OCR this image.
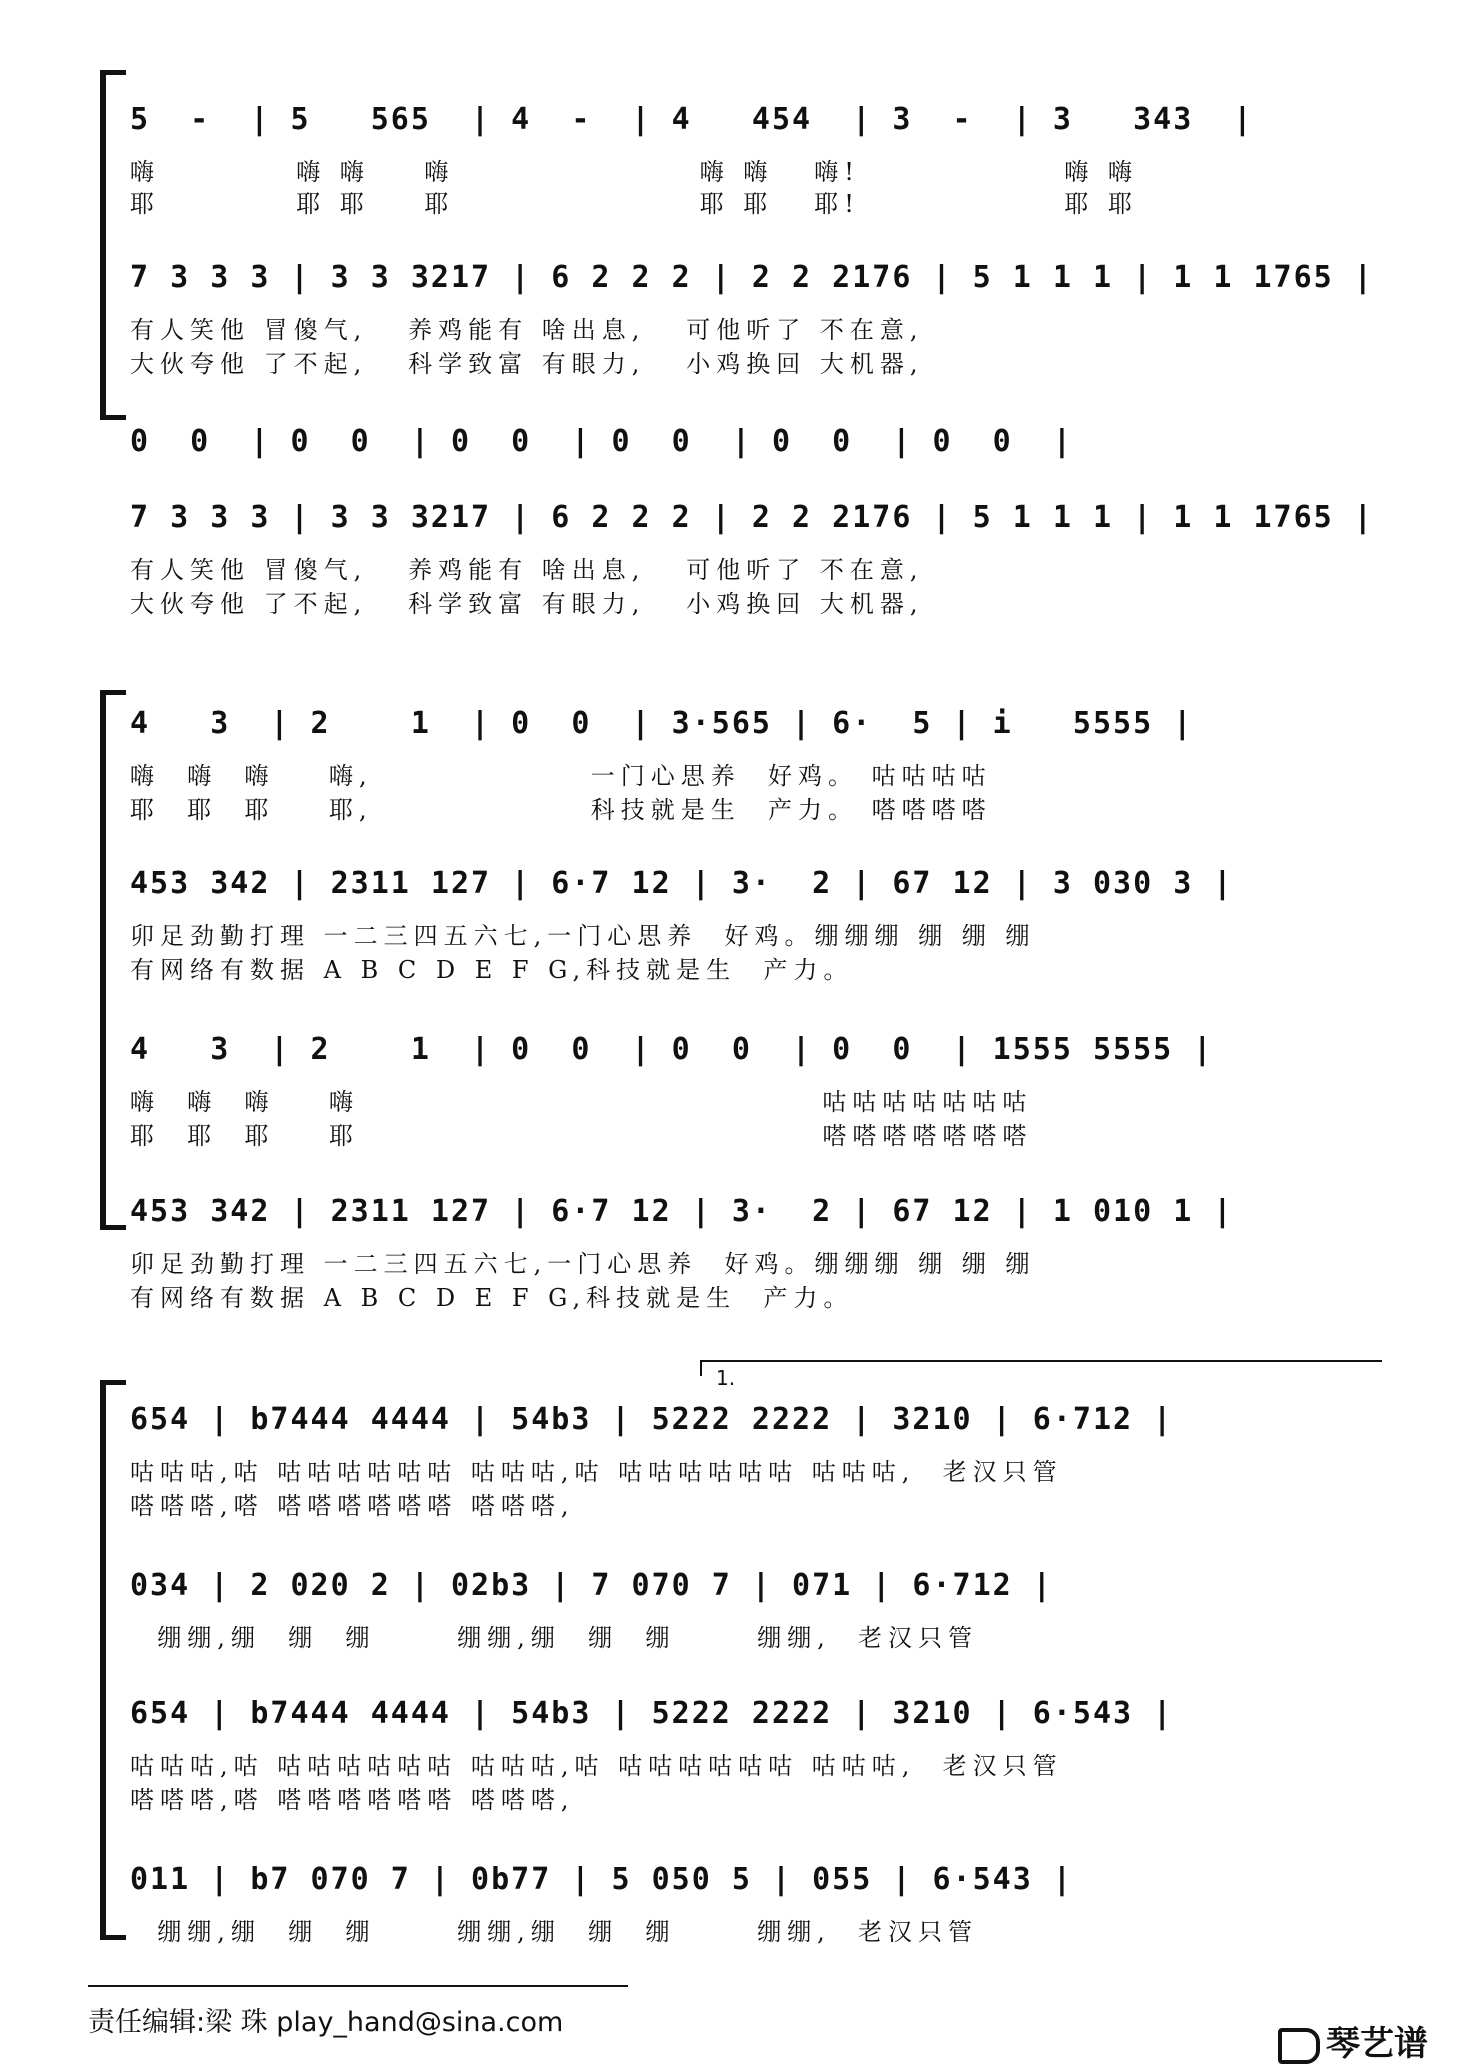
5  -  | 5   565  | 4  -  | 4   454  | 3  -  | 3   343  |
嗨          嗨 嗨    嗨                  嗨 嗨   嗨!               嗨 嗨
耶          耶 耶    耶                  耶 耶   耶!               耶 耶
7 3 3 3 | 3 3 3217 | 6 2 2 2 | 2 2 2176 | 5 1 1 1 | 1 1 1765 |
有人笑他 冒傻气,   养鸡能有 啥出息,   可他听了 不在意,
大伙夸他 了不起,   科学致富 有眼力,   小鸡换回 大机器,
0  0  | 0  0  | 0  0  | 0  0  | 0  0  | 0  0  |
7 3 3 3 | 3 3 3217 | 6 2 2 2 | 2 2 2176 | 5 1 1 1 | 1 1 1765 |
有人笑他 冒傻气,   养鸡能有 啥出息,   可他听了 不在意,
大伙夸他 了不起,   科学致富 有眼力,   小鸡换回 大机器,
4   3  | 2    1  | 0  0  | 3·565 | 6·  5 | i   5555 |
嗨  嗨  嗨    嗨,                一门心思养  好鸡。 咕咕咕咕
耶  耶  耶    耶,                科技就是生  产力。 嗒嗒嗒嗒
453 342 | 2311 127 | 6·7 12 | 3·  2 | 67 12 | 3 030 3 |
卯足劲勤打理 一二三四五六七,一门心思养  好鸡。绷绷绷 绷 绷 绷
有网络有数据 A B C D E F G,科技就是生  产力。
4   3  | 2    1  | 0  0  | 0  0  | 0  0  | 1555 5555 |
嗨  嗨  嗨    嗨                                  咕咕咕咕咕咕咕
耶  耶  耶    耶                                  嗒嗒嗒嗒嗒嗒嗒
453 342 | 2311 127 | 6·7 12 | 3·  2 | 67 12 | 1 010 1 |
卯足劲勤打理 一二三四五六七,一门心思养  好鸡。绷绷绷 绷 绷 绷
有网络有数据 A B C D E F G,科技就是生  产力。
1.
654 | b7444 4444 | 54b3 | 5222 2222 | 3210 | 6·712 |
咕咕咕,咕 咕咕咕咕咕咕 咕咕咕,咕 咕咕咕咕咕咕 咕咕咕,  老汉只管
嗒嗒嗒,嗒 嗒嗒嗒嗒嗒嗒 嗒嗒嗒,
034 | 2 020 2 | 02b3 | 7 070 7 | 071 | 6·712 |
绷绷,绷  绷  绷      绷绷,绷  绷  绷      绷绷,  老汉只管
654 | b7444 4444 | 54b3 | 5222 2222 | 3210 | 6·543 |
咕咕咕,咕 咕咕咕咕咕咕 咕咕咕,咕 咕咕咕咕咕咕 咕咕咕,  老汉只管
嗒嗒嗒,嗒 嗒嗒嗒嗒嗒嗒 嗒嗒嗒,
011 | b7 070 7 | 0b77 | 5 050 5 | 055 | 6·543 |
绷绷,绷  绷  绷      绷绷,绷  绷  绷      绷绷,  老汉只管
责任编辑:梁 珠 play_hand@sina.com
琴艺谱
